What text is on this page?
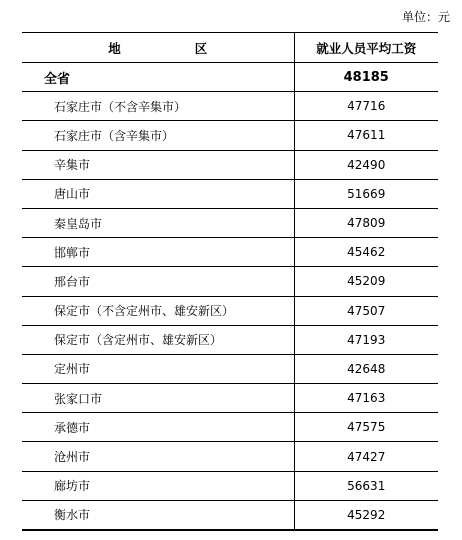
单位：元
地 区	就业人员平均工资
全省	48185
石家庄市（不含辛集市）	47716
石家庄市（含辛集市）	47611
辛集市	42490
唐山市	51669
秦皇岛市	47809
邯郸市	45462
邢台市	45209
保定市（不含定州市、雄安新区）	47507
保定市（含定州市、雄安新区）	47193
定州市	42648
张家口市	47163
承德市	47575
沧州市	47427
廊坊市	56631
衡水市	45292
